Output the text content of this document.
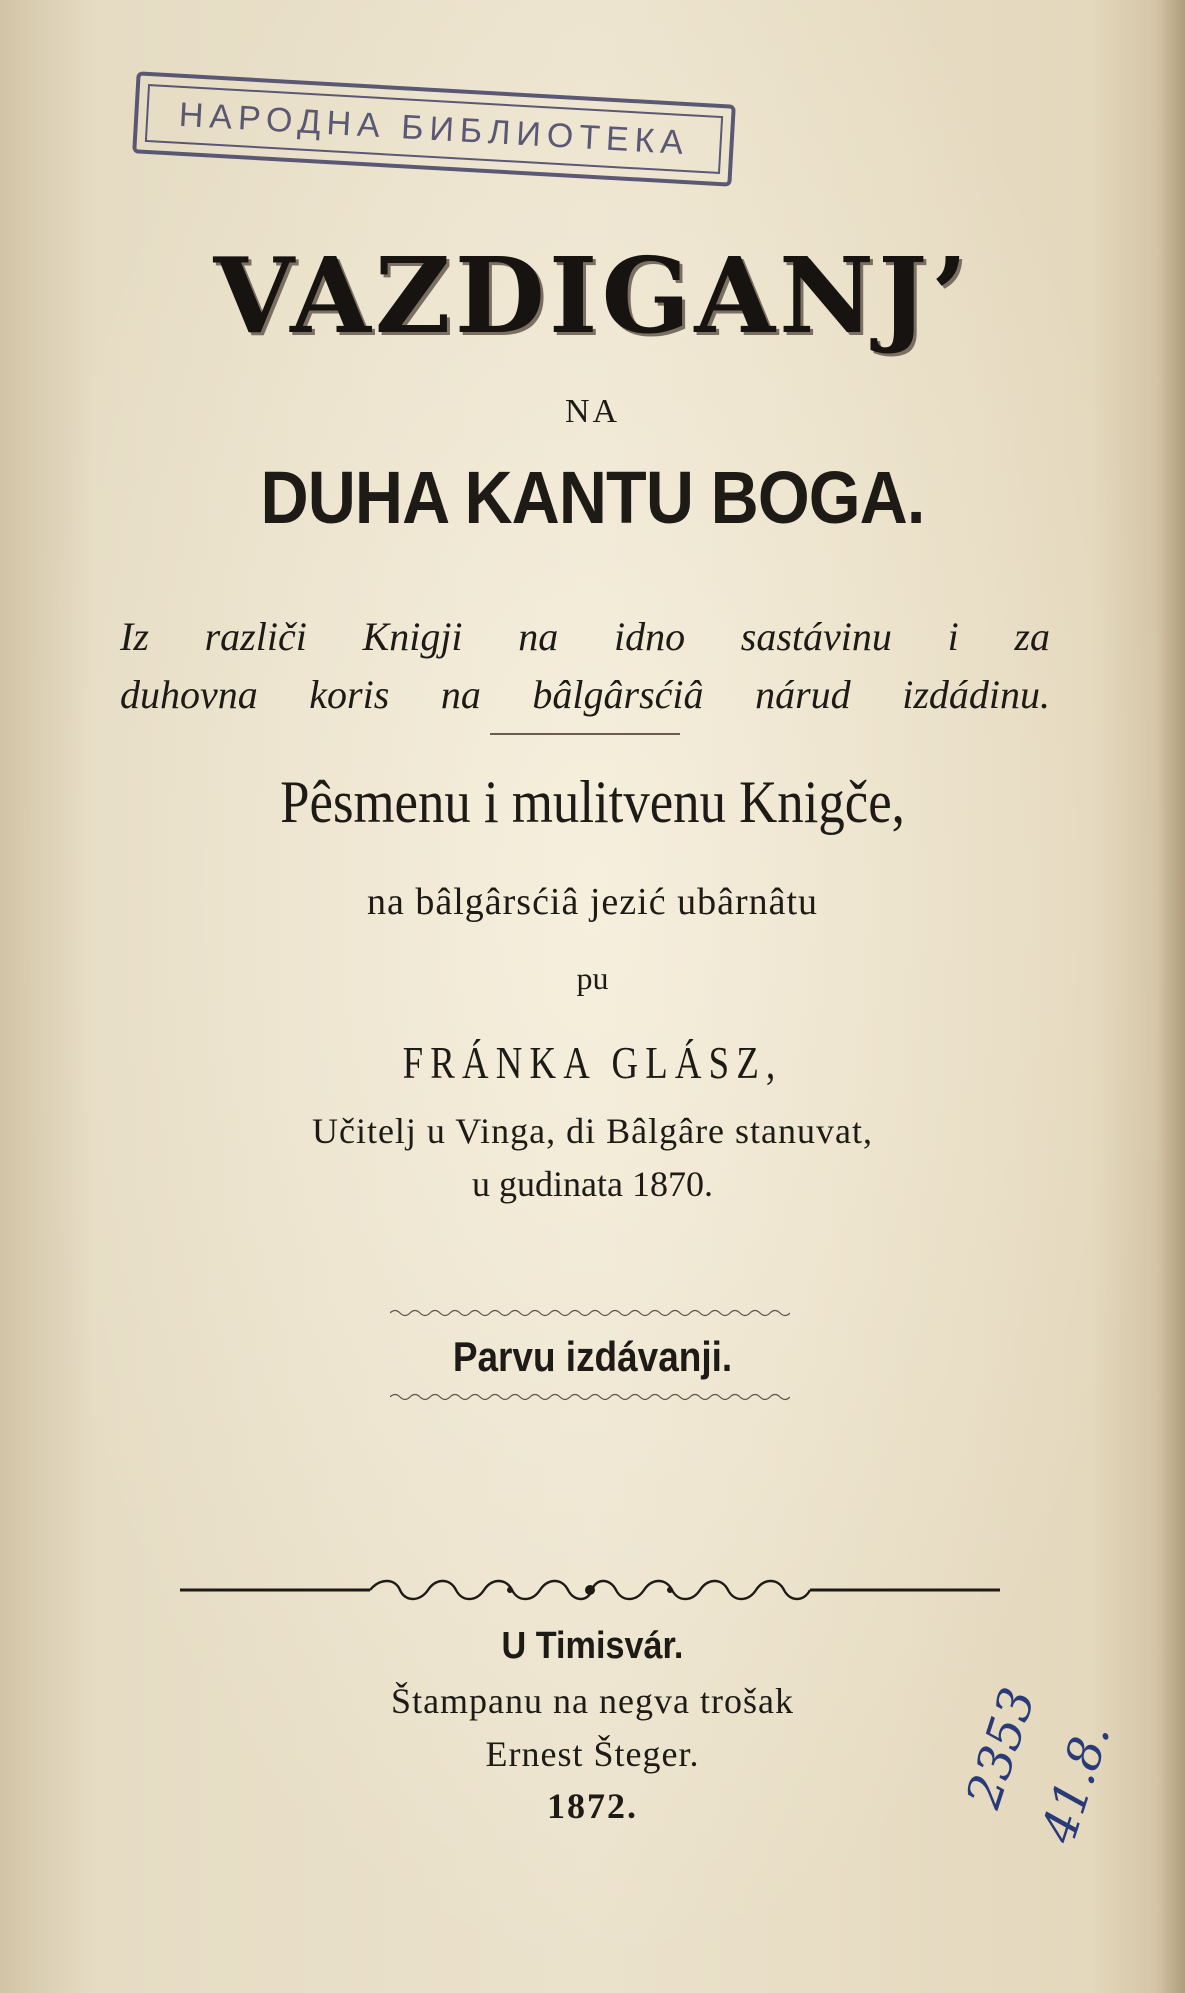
НАРОДНА БИБЛИОТЕКА
VAZDIGANJ’
NA
DUHA KANTU BOGA.
Iz različi Knigji na idno sastávinu i za
duhovna koris na bâlgârsćiâ nárud izdádinu.
Pêsmenu i mulitvenu Knigče,
na bâlgârsćiâ jezić ubârnâtu
pu
FRÁNKA GLÁSZ,
Učitelj u Vinga, di Bâlgâre stanuvat,
u gudinata 1870.
Parvu izdávanji.
U Timisvár.
Štampanu na negva trošak
Ernest Šteger.
1872.	2353
41.8.
